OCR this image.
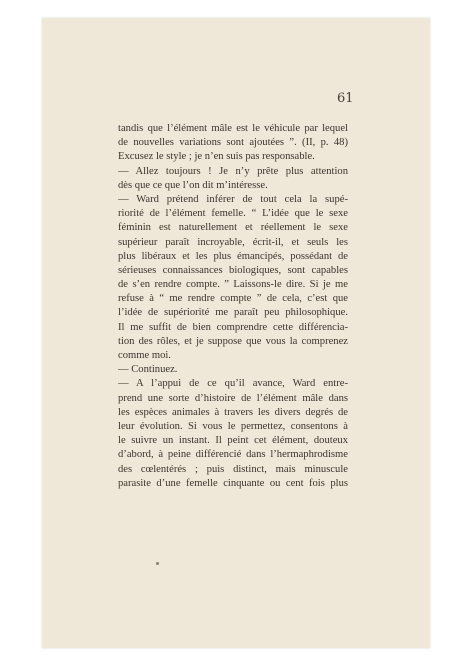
61
tandis que l’élément mâle est le véhicule par lequel
de nouvelles variations sont ajoutées ”. (II, p. 48)
Excusez le style ; je n’en suis pas responsable.
— Allez toujours ! Je n’y prête plus attention
dès que ce que l’on dit m’intéresse.
— Ward prétend inférer de tout cela la supé-
riorité de l’élément femelle. “ L’idée que le sexe
féminin est naturellement et réellement le sexe
supérieur paraît incroyable, écrit-il, et seuls les
plus libéraux et les plus émancipés, possédant de
sérieuses connaissances biologiques, sont capables
de s’en rendre compte. ” Laissons-le dire. Si je me
refuse à “ me rendre compte ” de cela, c’est que
l’idée de supériorité me paraît peu philosophique.
Il me suffit de bien comprendre cette différencia-
tion des rôles, et je suppose que vous la comprenez
comme moi.
— Continuez.
— A l’appui de ce qu’il avance, Ward entre-
prend une sorte d’histoire de l’élément mâle dans
les espèces animales à travers les divers degrés de
leur évolution. Si vous le permettez, consentons à
le suivre un instant. Il peint cet élément, douteux
d’abord, à peine différencié dans l’hermaphrodisme
des cœlentérés ; puis distinct, mais minuscule
parasite d’une femelle cinquante ou cent fois plus
